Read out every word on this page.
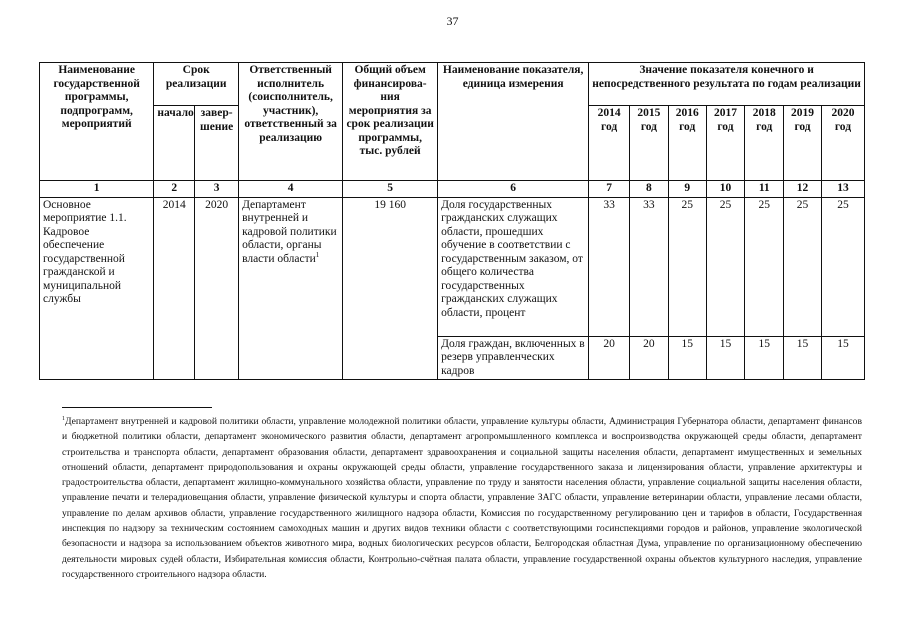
37
Наименование государственной программы, подпрограмм, мероприятий	Срок реализации		Ответственный исполнитель (соисполнитель, участник), ответственный за реализацию	Общий объем финансирова-ния мероприятия за срок реализации программы, тыс. рублей	Наименование показателя, единица измерения	Значение показателя конечного и непосредственного результата по годам реализации						
	начало	завер-шение				2014 год	2015 год	2016 год	2017 год	2018 год	2019 год	2020 год
1	2	3	4	5	6	7	8	9	10	11	12	13
Основное мероприятие 1.1. Кадровое обеспечение государственной гражданской и муниципальной службы	2014	2020	Департамент внутренней и кадровой политики области, органы власти области$^1$	19 160	Доля государственных гражданских служащих области, прошедших обучение в соответствии с государственным заказом, от общего количества государственных гражданских служащих области, процент	33	33	25	25	25	25	25
					Доля граждан, включенных в резерв управленческих кадров	20	20	15	15	15	15	15
$^1$Департамент внутренней и кадровой политики области, управление молодежной политики области, управление культуры области, Администрация Губернатора области, департамент финансов и бюджетной политики области, департамент экономического развития области, департамент агропромышленного комплекса и воспроизводства окружающей среды области, департамент строительства и транспорта области, департамент образования области, департамент здравоохранения и социальной защиты населения области, департамент имущественных и земельных отношений области, департамент природопользования и охраны окружающей среды области, управление государственного заказа и лицензирования области, управление архитектуры и градостроительства области, департамент жилищно-коммунального хозяйства области, управление по труду и занятости населения области, управление социальной защиты населения области, управление печати и телерадиовещания области, управление физической культуры и спорта области, управление ЗАГС области, управление ветеринарии области, управление лесами области, управление по делам архивов области, управление государственного жилищного надзора области, Комиссия по государственному регулированию цен и тарифов в области, Государственная инспекция по надзору за техническим состоянием самоходных машин и других видов техники области с соответствующими госинспекциями городов и районов, управление экологической безопасности и надзора за использованием объектов животного мира, водных биологических ресурсов области, Белгородская областная Дума, управление по организационному обеспечению деятельности мировых судей области, Избирательная комиссия области, Контрольно-счётная палата области, управление государственной охраны объектов культурного наследия, управление государственного строительного надзора области.
